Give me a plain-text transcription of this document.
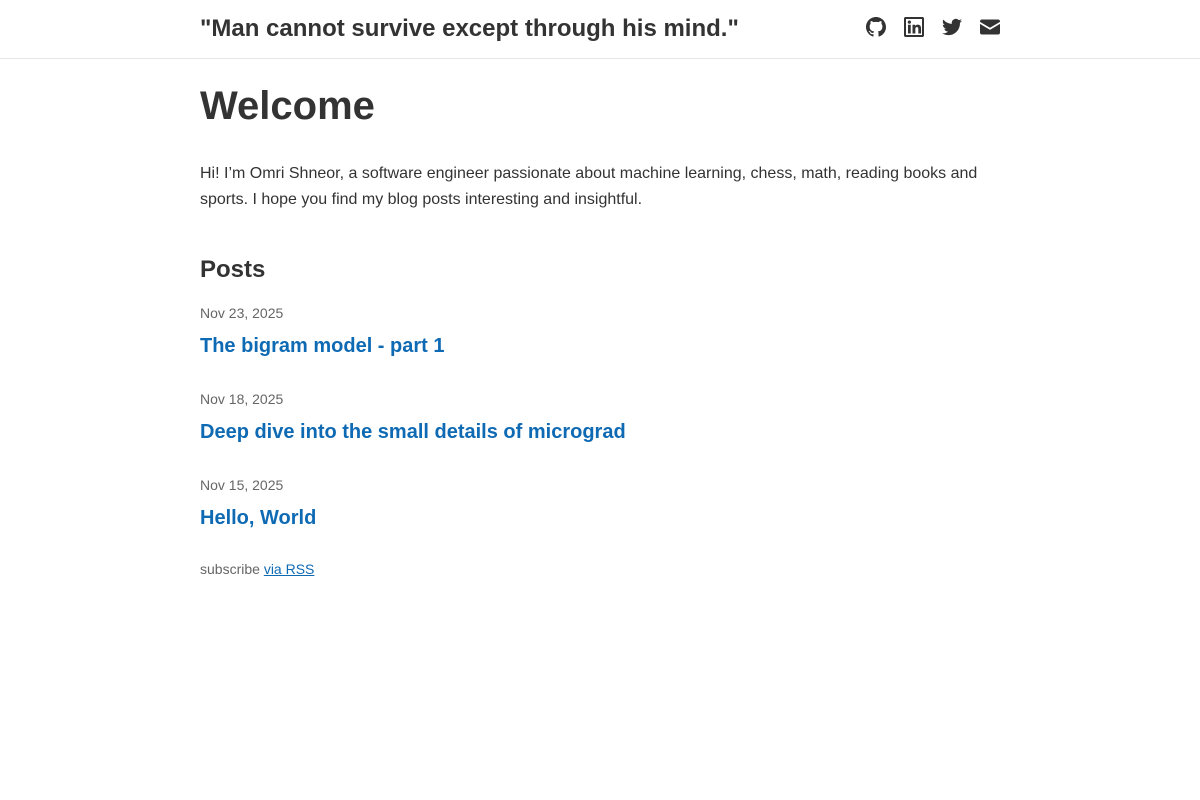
"Man cannot survive except through his mind."
Welcome

Hi! I’m Omri Shneor, a software engineer passionate about machine learning, chess, math, reading books and sports. I hope you find my blog posts interesting and insightful.

Posts
Nov 23, 2025
The bigram model - part 1
Nov 18, 2025
Deep dive into the small details of micrograd
Nov 15, 2025
Hello, World

subscribe via RSS
